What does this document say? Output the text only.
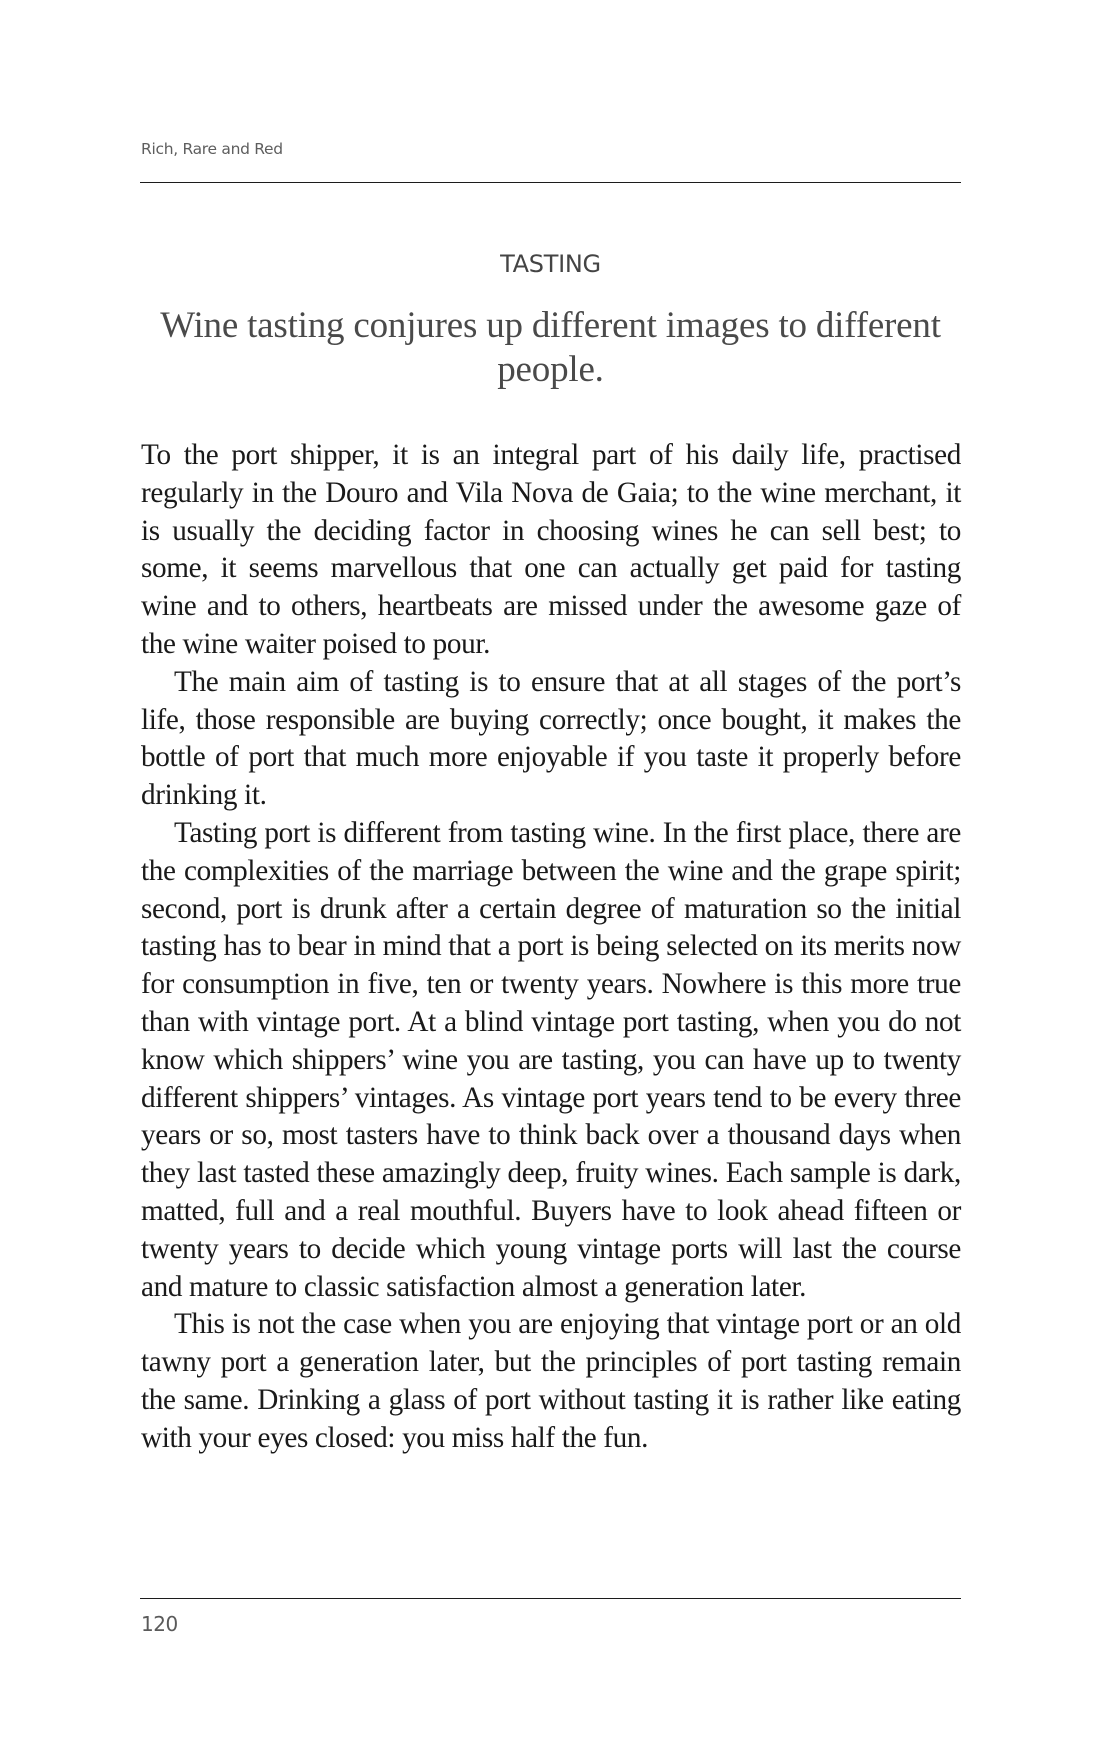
Rich, Rare and Red
TASTING
Wine tasting conjures up different images to different people.

To the port shipper, it is an integral part of his daily life, practised regularly in the Douro and Vila Nova de Gaia; to the wine merchant, it is usually the deciding factor in choosing wines he can sell best; to some, it seems marvellous that one can actually get paid for tasting wine and to others, heartbeats are missed under the awesome gaze of the wine waiter poised to pour.

The main aim of tasting is to ensure that at all stages of the port’s life, those responsible are buying correctly; once bought, it makes the bottle of port that much more enjoyable if you taste it properly before drinking it.

Tasting port is different from tasting wine. In the first place, there are the complexities of the marriage between the wine and the grape spirit; second, port is drunk after a certain degree of maturation so the initial tasting has to bear in mind that a port is being selected on its merits now for consumption in five, ten or twenty years. Nowhere is this more true than with vintage port. At a blind vintage port tasting, when you do not know which shippers’ wine you are tasting, you can have up to twenty different shippers’ vintages. As vintage port years tend to be every three years or so, most tasters have to think back over a thousand days when they last tasted these amazingly deep, fruity wines. Each sample is dark, matted, full and a real mouthful. Buyers have to look ahead fifteen or twenty years to decide which young vintage ports will last the course and mature to classic satisfaction almost a generation later.

This is not the case when you are enjoying that vintage port or an old tawny port a generation later, but the principles of port tasting remain the same. Drinking a glass of port without tasting it is rather like eating with your eyes closed: you miss half the fun.

120
